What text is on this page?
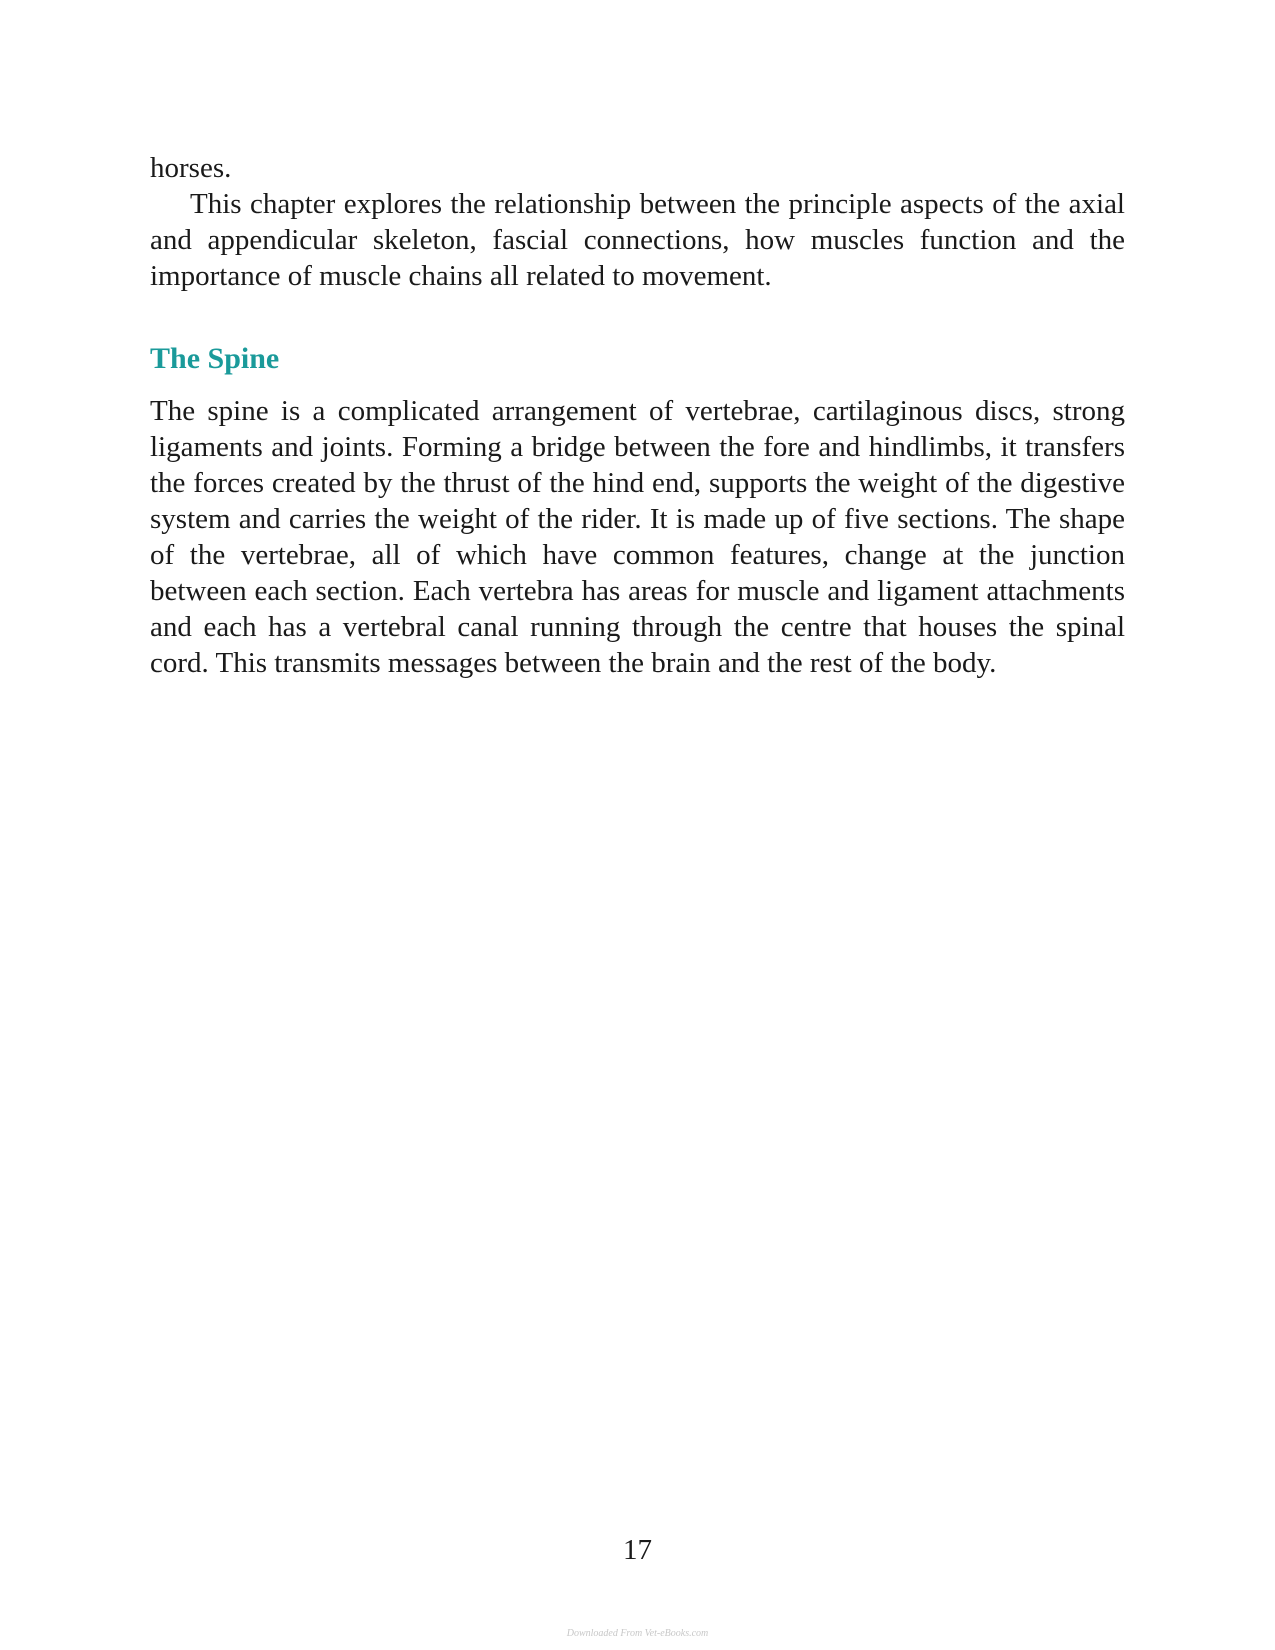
horses.

This chapter explores the relationship between the principle aspects of the axial and appendicular skeleton, fascial connections, how muscles function and the importance of muscle chains all related to movement.

The Spine

The spine is a complicated arrangement of vertebrae, cartilaginous discs, strong ligaments and joints. Forming a bridge between the fore and hindlimbs, it transfers the forces created by the thrust of the hind end, supports the weight of the digestive system and carries the weight of the rider. It is made up of five sections. The shape of the vertebrae, all of which have common features, change at the junction between each section. Each vertebra has areas for muscle and ligament attachments and each has a vertebral canal running through the centre that houses the spinal cord. This transmits messages between the brain and the rest of the body.

17
Downloaded From Vet-eBooks.com
